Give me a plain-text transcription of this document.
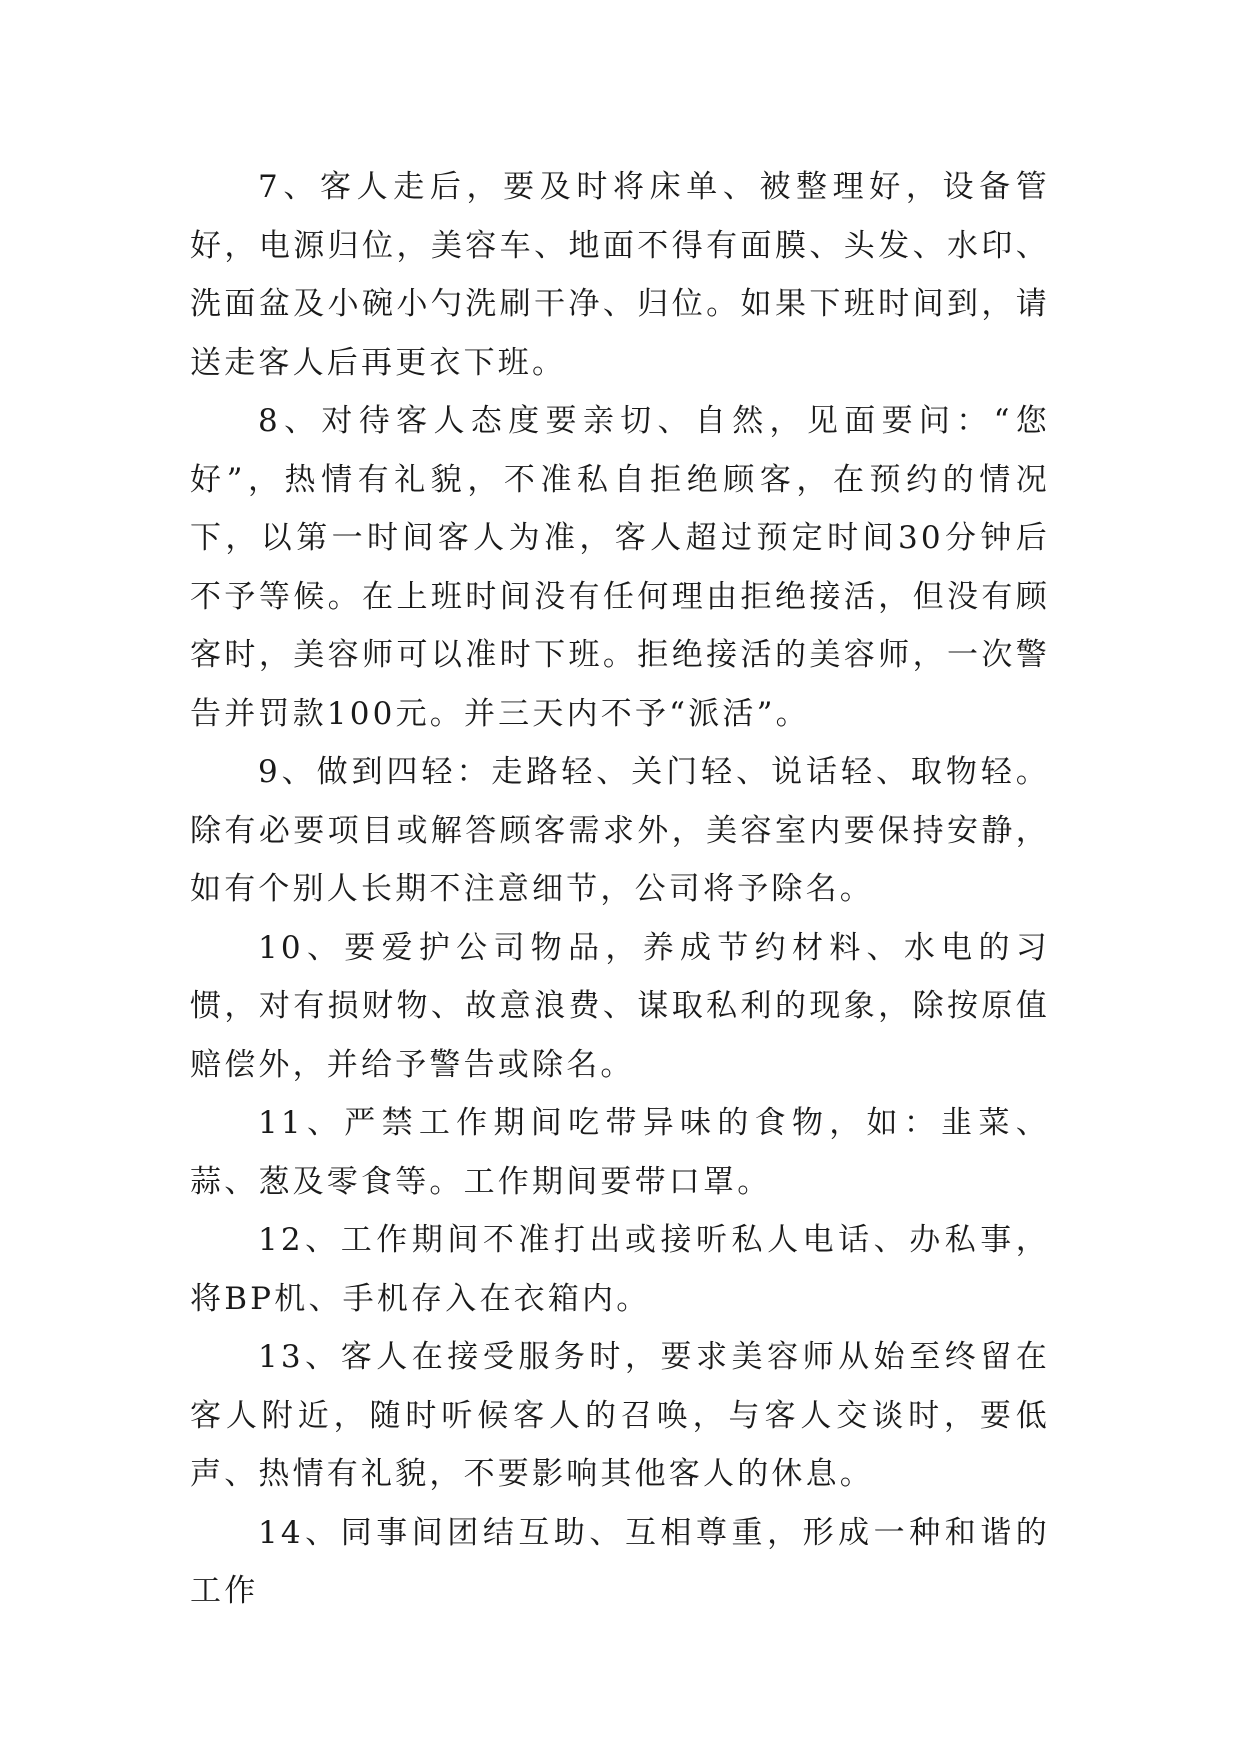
7、客人走后，要及时将床单、被整理好，设备管好，电源归位，美容车、地面不得有面膜、头发、水印、洗面盆及小碗小勺洗刷干净、归位。如果下班时间到，请送走客人后再更衣下班。

8、对待客人态度要亲切、自然，见面要问：“您好”，热情有礼貌，不准私自拒绝顾客，在预约的情况下，以第一时间客人为准，客人超过预定时间30分钟后不予等候。在上班时间没有任何理由拒绝接活，但没有顾客时，美容师可以准时下班。拒绝接活的美容师，一次警告并罚款100元。并三天内不予“派活”。

9、做到四轻：走路轻、关门轻、说话轻、取物轻。除有必要项目或解答顾客需求外，美容室内要保持安静，如有个别人长期不注意细节，公司将予除名。

10、要爱护公司物品，养成节约材料、水电的习惯，对有损财物、故意浪费、谋取私利的现象，除按原值赔偿外，并给予警告或除名。

11、严禁工作期间吃带异味的食物，如：韭菜、蒜、葱及零食等。工作期间要带口罩。

12、工作期间不准打出或接听私人电话、办私事，将BP机、手机存入在衣箱内。

13、客人在接受服务时，要求美容师从始至终留在客人附近，随时听候客人的召唤，与客人交谈时，要低声、热情有礼貌，不要影响其他客人的休息。

14、同事间团结互助、互相尊重，形成一种和谐的工作
